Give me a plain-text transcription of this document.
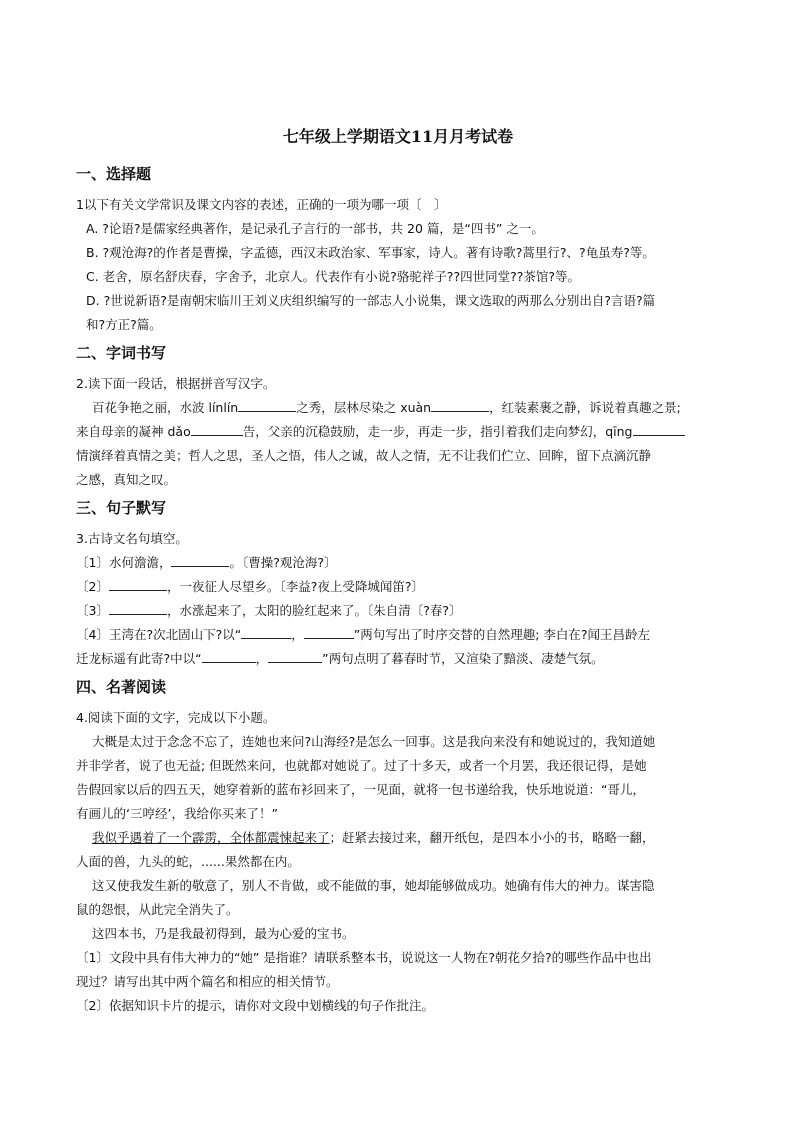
七年级上学期语文11月月考试卷
一、选择题

1以下有关文学常识及课文内容的表述，正确的一项为哪一项〔　〕

A. ?论语?是儒家经典著作，是记录孔子言行的一部书，共 20 篇，是“四书” 之一。

B. ?观沧海?的作者是曹操，字孟德，西汉末政治家、军事家，诗人。著有诗歌?蒿里行?、?龟虽寿?等。

C. 老舍，原名舒庆春，字舍予，北京人。代表作有小说?骆驼祥子??四世同堂??茶馆?等。

D. ?世说新语?是南朝宋临川王刘义庆组织编写的一部志人小说集，课文选取的两那么分别出自?言语?篇

和?方正?篇。

二、字词书写

2.读下面一段话，根据拼音写汉字。

百花争艳之丽，水波 línlín	之秀，层林尽染之 xuàn	，红装素裹之静，诉说着真趣之景;

来自母亲的凝神 dǎo	告，父亲的沉稳鼓励，走一步，再走一步，指引着我们走向梦幻，qīng

情演绎着真情之美；哲人之思，圣人之悟，伟人之诚，故人之情，无不让我们伫立、回眸，留下点滴沉静

之感，真知之叹。

三、句子默写

3.古诗文名句填空。

〔1〕水何澹澹，	。〔曹操?观沧海?〕

〔2〕	，一夜征人尽望乡。〔李益?夜上受降城闻笛?〕

〔3〕	，水涨起来了，太阳的脸红起来了。〔朱自清〔?春?〕

〔4〕王湾在?次北固山下?以“	，	”两句写出了时序交替的自然理趣; 李白在?闻王昌龄左

迁龙标遥有此寄?中以“	，	”两句点明了暮春时节，又渲染了黯淡、凄楚气氛。

四、名著阅读

4.阅读下面的文字，完成以下小题。

大概是太过于念念不忘了，连她也来问?山海经?是怎么一回事。这是我向来没有和她说过的，我知道她

并非学者，说了也无益; 但既然来问，也就都对她说了。过了十多天，或者一个月罢，我还很记得，是她

告假回家以后的四五天，她穿着新的蓝布衫回来了，一见面，就将一包书递给我，快乐地说道：“哥儿，

有画儿的‘三哼经’，我给你买来了！”

我似乎遇着了一个霹雳，全体都震悚起来了；赶紧去接过来，翻开纸包，是四本小小的书，略略一翻，

人面的兽，九头的蛇，......果然都在内。

这又使我发生新的敬意了，别人不肯做，或不能做的事，她却能够做成功。她确有伟大的神力。谋害隐

鼠的怨恨，从此完全消失了。

这四本书，乃是我最初得到，最为心爱的宝书。

〔1〕文段中具有伟大神力的“她” 是指谁？请联系整本书，说说这一人物在?朝花夕拾?的哪些作品中也出

现过？请写出其中两个篇名和相应的相关情节。

〔2〕依据知识卡片的提示，请你对文段中划横线的句子作批注。
